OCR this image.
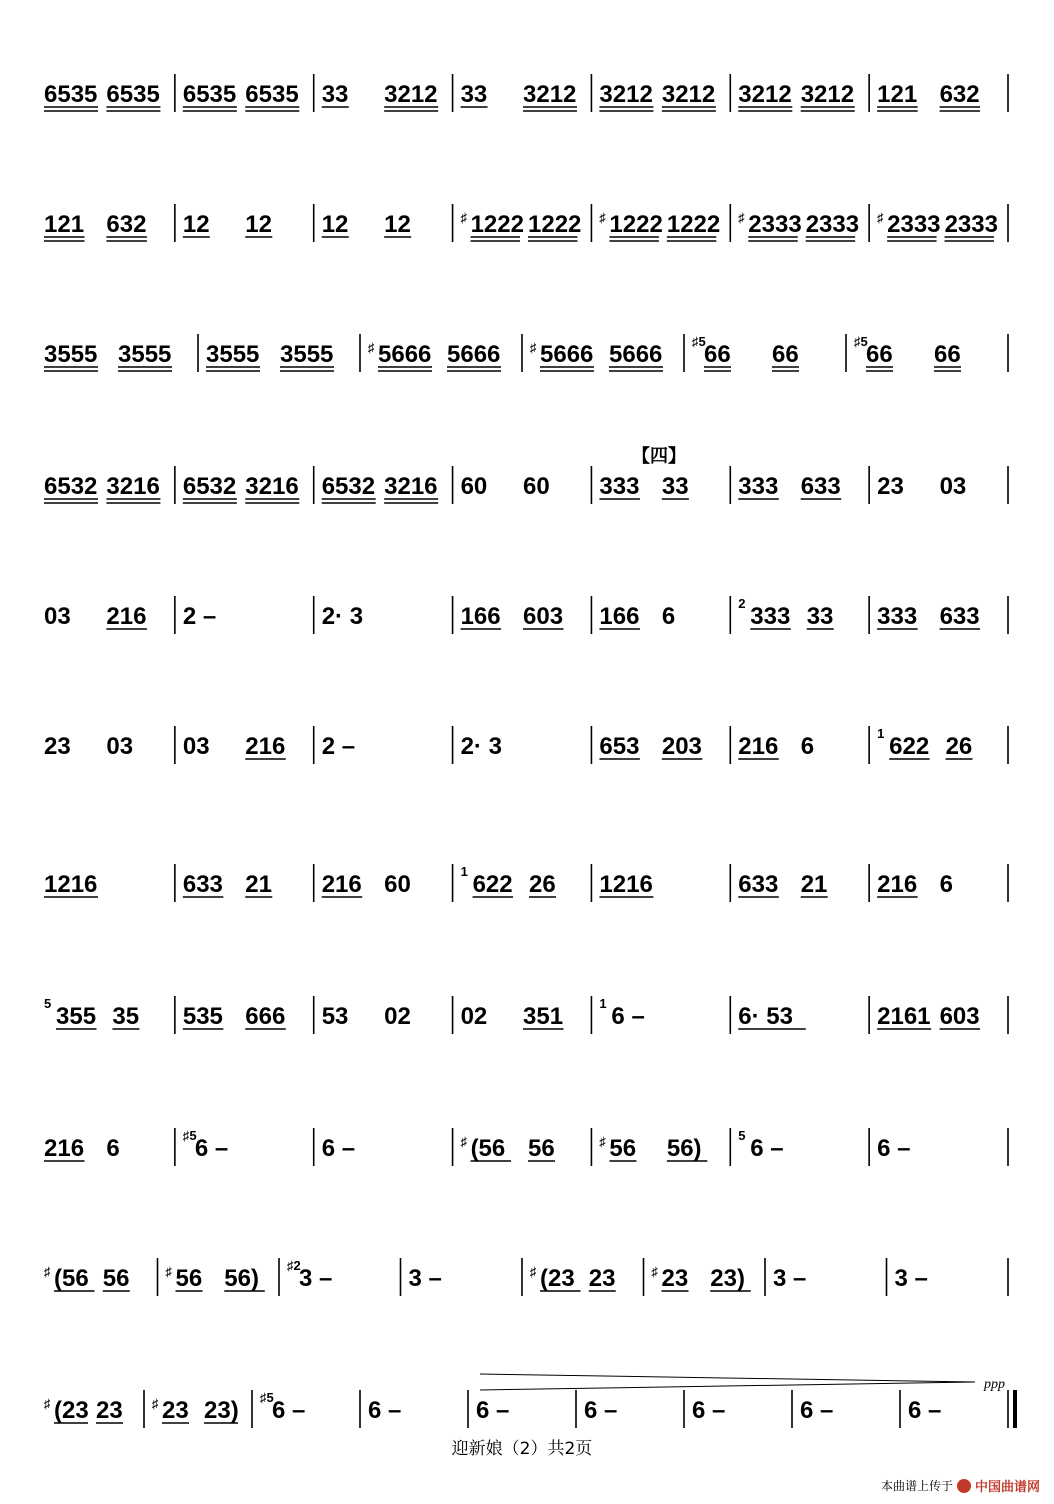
6535 6535 6535 6535 33 3212 33 3212 3212 3212 3212 3212 121 632
121 632 12 12 12 12	♯ 1222 1222 ♯ 1222 1222 ♯ 2333 2333 ♯ 2333 2333
3555 3555 3555 3555	♯ 5666 5666 ♯ 5666 5666 ♯5
66 66	♯5
66 66
6532 3216 6532 3216 6532 3216 60 60 333 33 333 633 23 03
03 216 2 –	2· 3	166 603 166 6	2 333 33 333 633
23 03 03 216 2 –	2· 3	653 203 216 6	1 622 26
1216	633 21 216 60	1 622 26 1216	633 21 216 6
5 355 35 535 666 53 02 02 351	1 6 –	6· 53	2161 603
216 6	♯5
6 –	6 –	♯ (56 56	♯ 56 56)	5 6 –	6 –
♯ (56 56	♯ 56 56) ♯2
3 –	3 –	♯ (23 23	♯ 23 23) 3 –	3 –
♯ (23 23 ♯ 23 23) ♯5
6 –	6 –	6 –	6 –	6 –	6 –	6 –
【四】
ppp
迎新娘（2）共2页
本曲谱上传于 中国曲谱网
